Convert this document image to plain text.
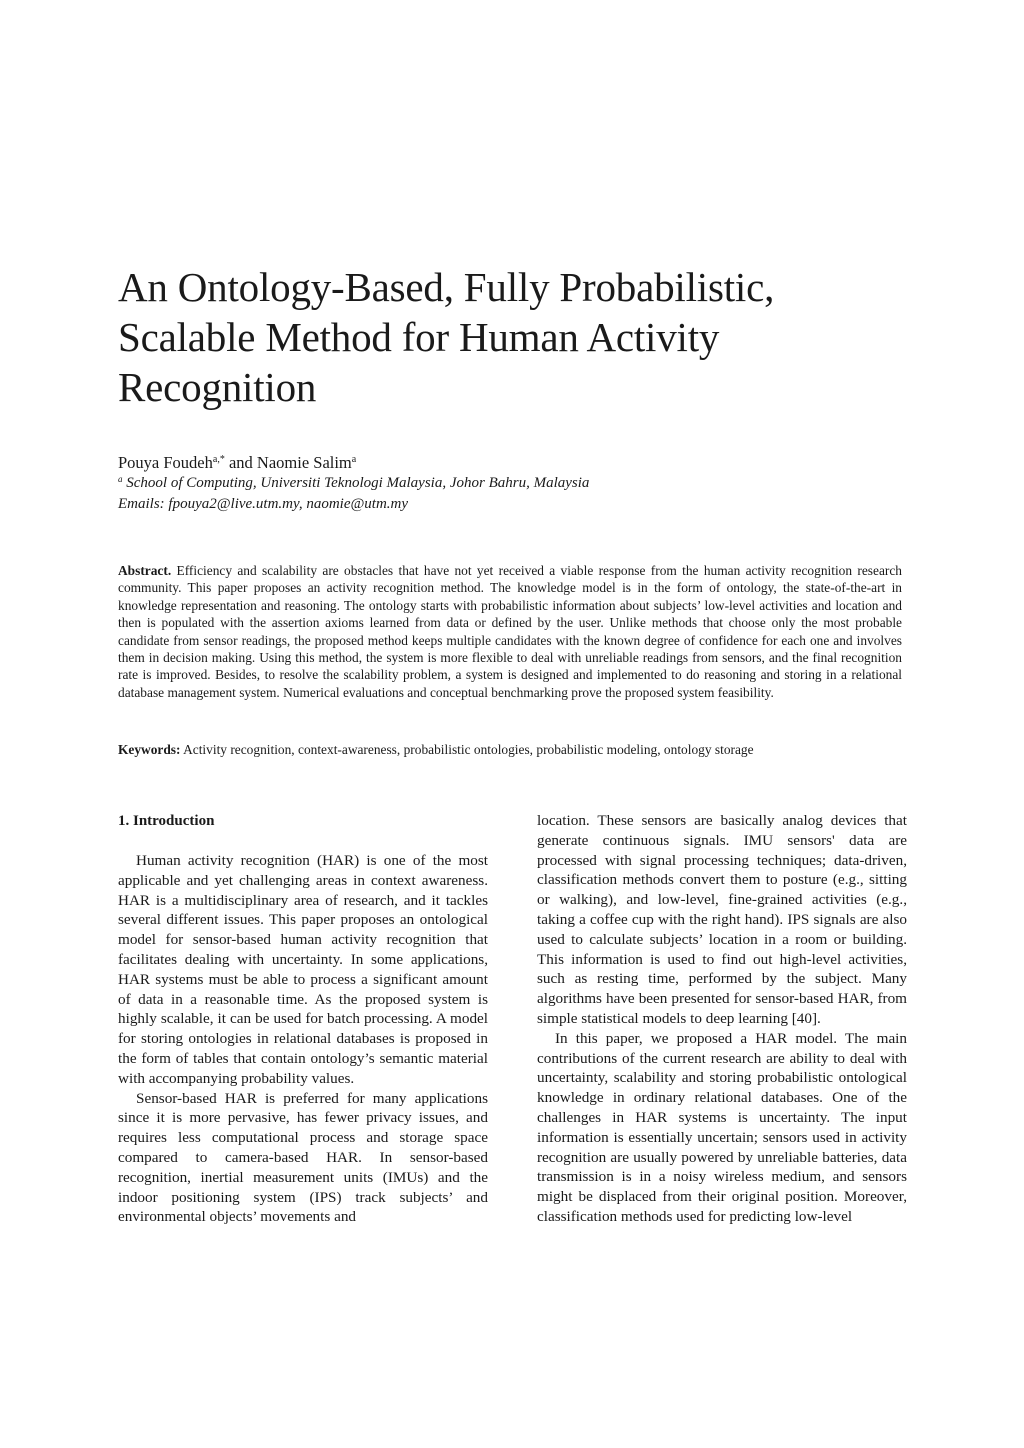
An Ontology-Based, Fully Probabilistic,
Scalable Method for Human Activity
Recognition
Pouya Foudeh$^{a,*}$ and Naomie Salim$^a$
$^a$ School of Computing, Universiti Teknologi Malaysia, Johor Bahru, Malaysia
Emails: fpouya2@live.utm.my, naomie@utm.my

Abstract. Efficiency and scalability are obstacles that have not yet received a viable response from the human activity recognition research community. This paper proposes an activity recognition method. The knowledge model is in the form of ontology, the state-of-the-art in knowledge representation and reasoning. The ontology starts with probabilistic information about subjects’ low-level activities and location and then is populated with the assertion axioms learned from data or defined by the user. Unlike methods that choose only the most probable candidate from sensor readings, the proposed method keeps multiple candidates with the known degree of confidence for each one and involves them in decision making. Using this method, the system is more flexible to deal with unreliable readings from sensors, and the final recognition rate is improved. Besides, to resolve the scalability problem, a system is designed and implemented to do reasoning and storing in a relational database management system. Numerical evaluations and conceptual benchmarking prove the proposed system feasibility.

Keywords: Activity recognition, context-awareness, probabilistic ontologies, probabilistic modeling, ontology storage

1. Introduction

Human activity recognition (HAR) is one of the most applicable and yet challenging areas in context awareness. HAR is a multidisciplinary area of research, and it tackles several different issues. This paper proposes an ontological model for sensor-based human activity recognition that facilitates dealing with uncertainty. In some applications, HAR systems must be able to process a significant amount of data in a reasonable time. As the proposed system is highly scalable, it can be used for batch processing. A model for storing ontologies in relational databases is proposed in the form of tables that contain ontology’s semantic material with accompanying probability values.

Sensor-based HAR is preferred for many applications since it is more pervasive, has fewer privacy issues, and requires less computational process and storage space compared to camera-based HAR. In sensor-based recognition, inertial measurement units (IMUs) and the indoor positioning system (IPS) track subjects’ and environmental objects’ movements and

location. These sensors are basically analog devices that generate continuous signals. IMU sensors' data are processed with signal processing techniques; data-driven, classification methods convert them to posture (e.g., sitting or walking), and low-level, fine-grained activities (e.g., taking a coffee cup with the right hand). IPS signals are also used to calculate subjects’ location in a room or building. This information is used to find out high-level activities, such as resting time, performed by the subject. Many algorithms have been presented for sensor-based HAR, from simple statistical models to deep learning [40].

In this paper, we proposed a HAR model. The main contributions of the current research are ability to deal with uncertainty, scalability and storing probabilistic ontological knowledge in ordinary relational databases. One of the challenges in HAR systems is uncertainty. The input information is essentially uncertain; sensors used in activity recognition are usually powered by unreliable batteries, data transmission is in a noisy wireless medium, and sensors might be displaced from their original position. Moreover, classification methods used for predicting low-level
